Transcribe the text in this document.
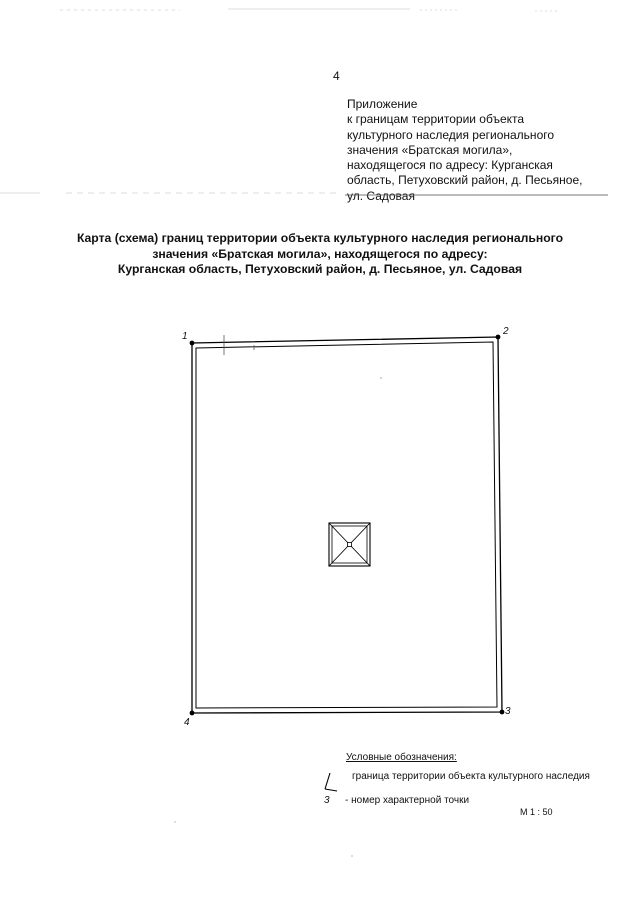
4
Приложение
к границам территории объекта
культурного наследия регионального
значения «Братская могила»,
находящегося по адресу: Курганская
область, Петуховский район, д. Песьяное,
ул. Садовая
Карта (схема) границ территории объекта культурного наследия регионального
значения «Братская могила», находящегося по адресу:
Курганская область, Петуховский район, д. Песьяное, ул. Садовая
1	2
3
4
Условные обозначения:
граница территории объекта культурного наследия
3 - номер характерной точки
М 1 : 50
